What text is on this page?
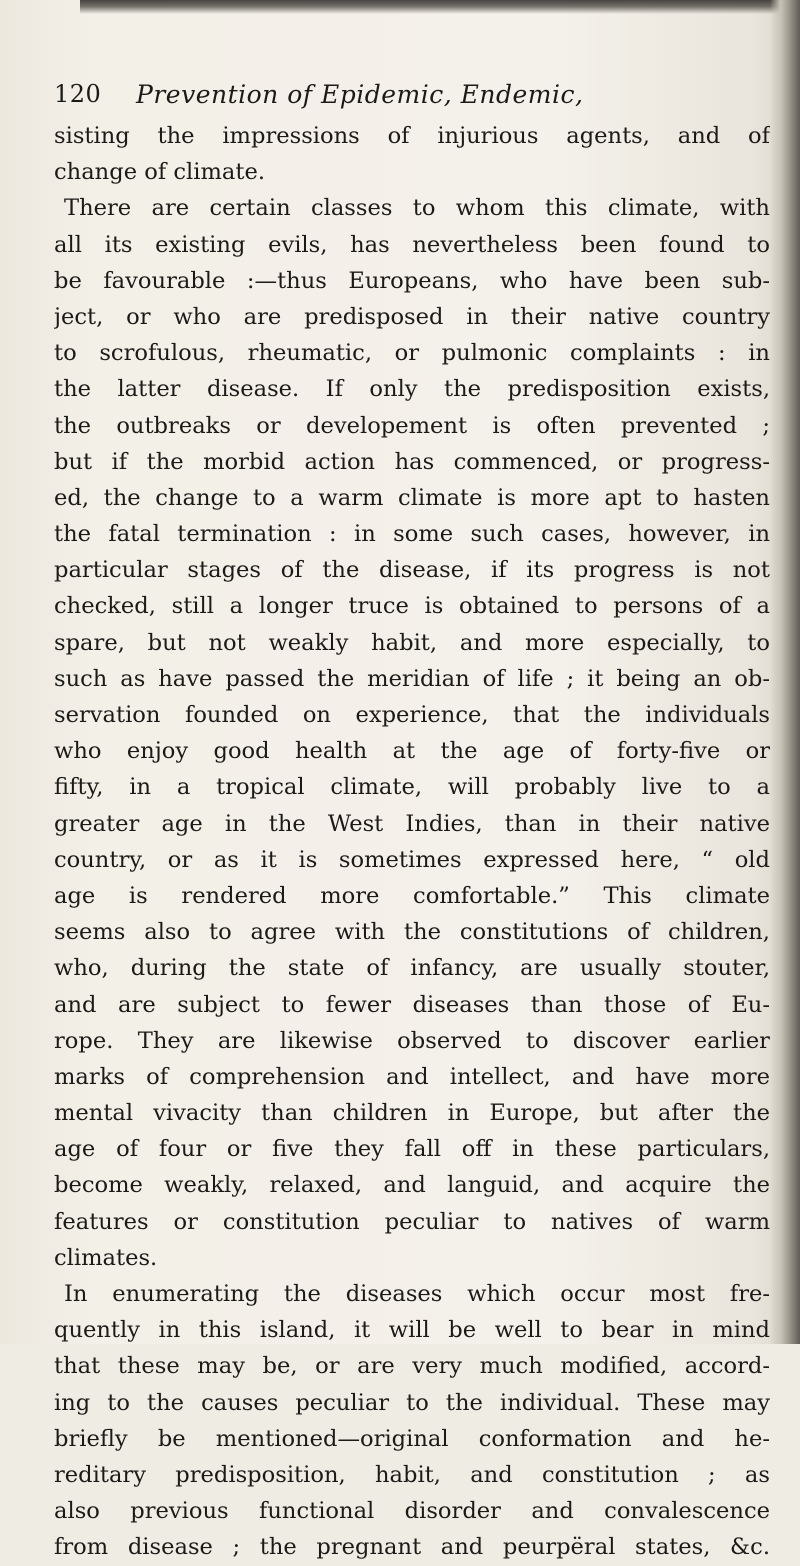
120 Prevention of Epidemic, Endemic,
sisting the impressions of injurious agents, and of
change of climate.
There are certain classes to whom this climate, with
all its existing evils, has nevertheless been found to
be favourable :—thus Europeans, who have been sub-
ject, or who are predisposed in their native country
to scrofulous, rheumatic, or pulmonic complaints : in
the latter disease. If only the predisposition exists,
the outbreaks or developement is often prevented ;
but if the morbid action has commenced, or progress-
ed, the change to a warm climate is more apt to hasten
the fatal termination : in some such cases, however, in
particular stages of the disease, if its progress is not
checked, still a longer truce is obtained to persons of a
spare, but not weakly habit, and more especially, to
such as have passed the meridian of life ; it being an ob-
servation founded on experience, that the individuals
who enjoy good health at the age of forty-five or
fifty, in a tropical climate, will probably live to a
greater age in the West Indies, than in their native
country, or as it is sometimes expressed here, “ old
age is rendered more comfortable.” This climate
seems also to agree with the constitutions of children,
who, during the state of infancy, are usually stouter,
and are subject to fewer diseases than those of Eu-
rope. They are likewise observed to discover earlier
marks of comprehension and intellect, and have more
mental vivacity than children in Europe, but after the
age of four or five they fall off in these particulars,
become weakly, relaxed, and languid, and acquire the
features or constitution peculiar to natives of warm
climates.
In enumerating the diseases which occur most fre-
quently in this island, it will be well to bear in mind
that these may be, or are very much modified, accord-
ing to the causes peculiar to the individual. These may
briefly be mentioned—original conformation and he-
reditary predisposition, habit, and constitution ; as
also previous functional disorder and convalescence
from disease ; the pregnant and peurpëral states, &c.
